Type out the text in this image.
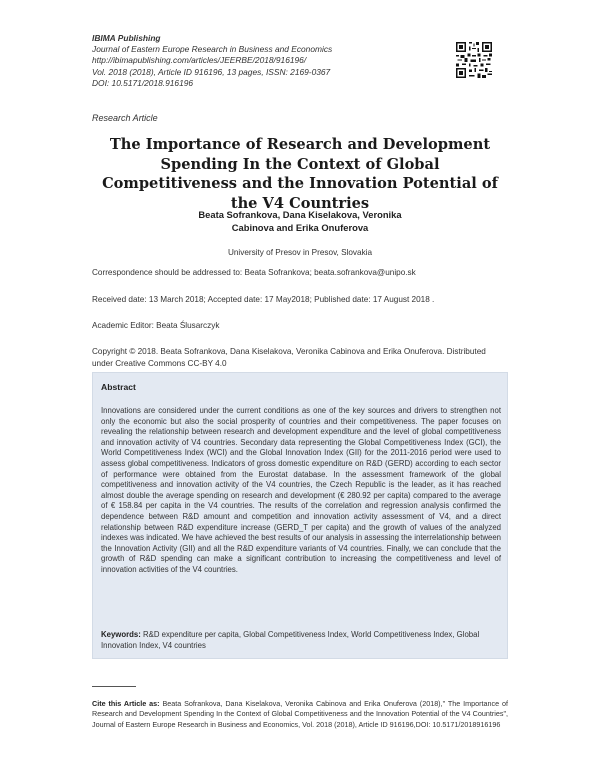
IBIMA Publishing
Journal of Eastern Europe Research in Business and Economics
http://ibimapublishing.com/articles/JEERBE/2018/916196/
Vol. 2018 (2018), Article ID 916196, 13 pages, ISSN: 2169-0367
DOI: 10.5171/2018.916196
Research Article
The Importance of Research and Development Spending In the Context of Global Competitiveness and the Innovation Potential of the V4 Countries
Beata Sofrankova, Dana Kiselakova, Veronika
Cabinova and Erika Onuferova
University of Presov in Presov, Slovakia
Correspondence should be addressed to: Beata Sofrankova; beata.sofrankova@unipo.sk
Received date: 13 March 2018; Accepted date: 17 May2018; Published date: 17 August 2018 .
Academic Editor: Beata Ślusarczyk
Copyright © 2018. Beata Sofrankova, Dana Kiselakova, Veronika Cabinova and Erika Onuferova. Distributed under Creative Commons CC-BY 4.0
Abstract
Innovations are considered under the current conditions as one of the key sources and drivers to strengthen not only the economic but also the social prosperity of countries and their competitiveness. The paper focuses on revealing the relationship between research and development expenditure and the level of global competitiveness and innovation activity of V4 countries. Secondary data representing the Global Competitiveness Index (GCI), the World Competitiveness Index (WCI) and the Global Innovation Index (GII) for the 2011-2016 period were used to assess global competitiveness. Indicators of gross domestic expenditure on R&D (GERD) according to each sector of performance were obtained from the Eurostat database. In the assessment framework of the global competitiveness and innovation activity of the V4 countries, the Czech Republic is the leader, as it has reached almost double the average spending on research and development (€ 280.92 per capita) compared to the average of € 158.84 per capita in the V4 countries. The results of the correlation and regression analysis confirmed the dependence between R&D amount and competition and innovation activity assessment of V4, and a direct relationship between R&D expenditure increase (GERD_T per capita) and the growth of values of the analyzed indexes was indicated. We have achieved the best results of our analysis in assessing the interrelationship between the Innovation Activity (GII) and all the R&D expenditure variants of V4 countries. Finally, we can conclude that the growth of R&D spending can make a significant contribution to increasing the competitiveness and level of innovation activities of the V4 countries.
Keywords: R&D expenditure per capita, Global Competitiveness Index, World Competitiveness Index, Global Innovation Index, V4 countries
Cite this Article as: Beata Sofrankova, Dana Kiselakova, Veronika Cabinova and Erika Onuferova (2018)," The Importance of Research and Development Spending In the Context of Global Competitiveness and the Innovation Potential of the V4 Countries", Journal of Eastern Europe Research in Business and Economics, Vol. 2018 (2018), Article ID 916196,DOI: 10.5171/2018916196
